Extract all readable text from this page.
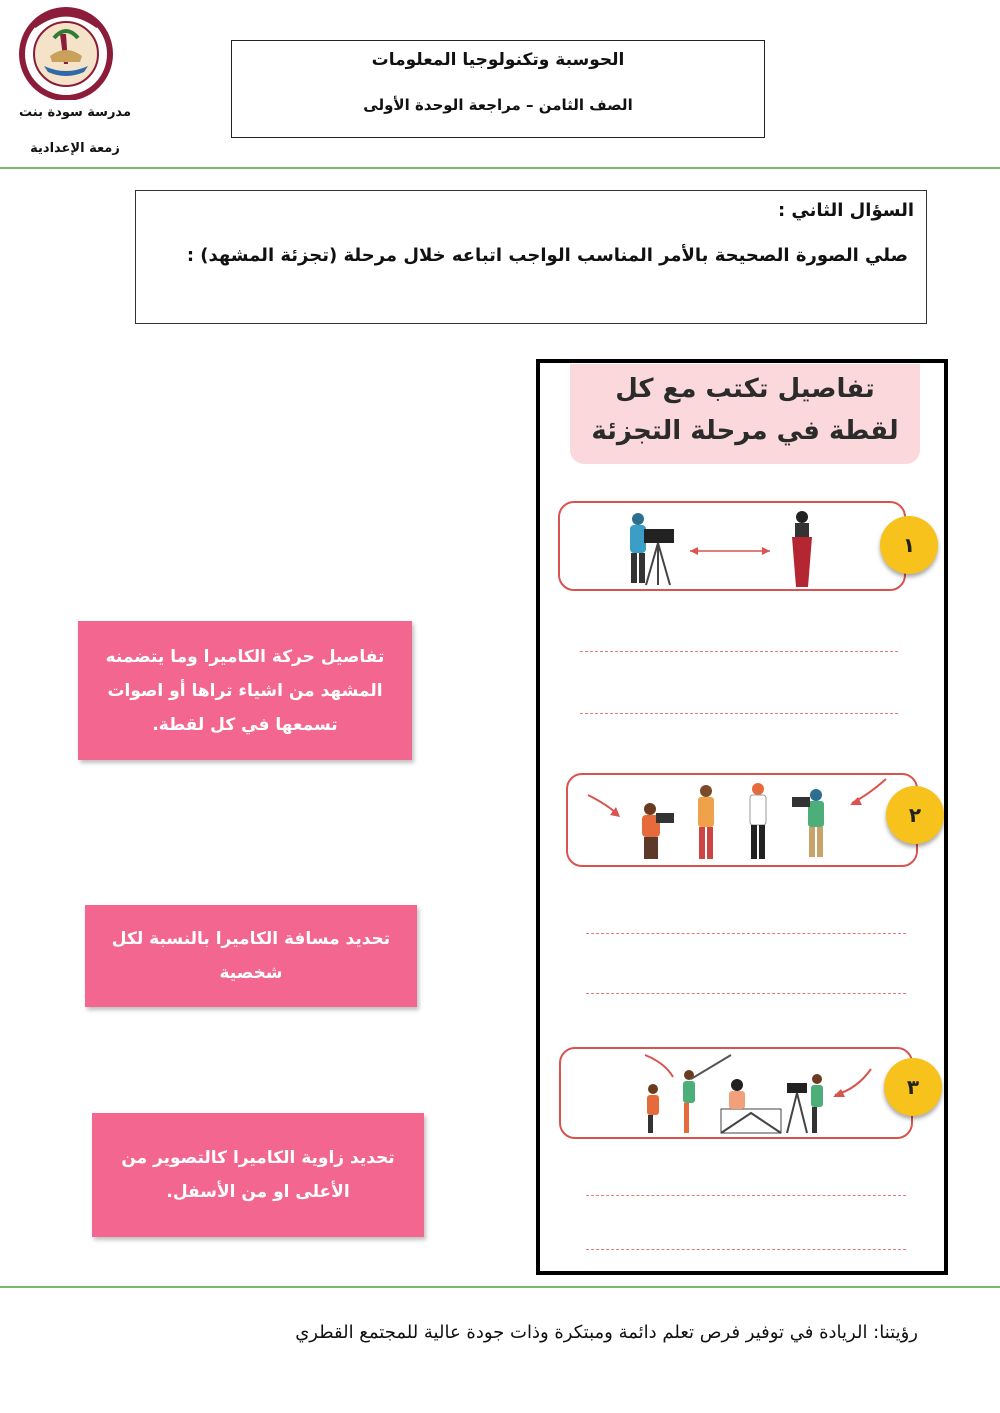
مدرسة سودة بنت
زمعة الإعدادية
الحوسبة وتكنولوجيا المعلومات
الصف الثامن – مراجعة الوحدة الأولى
السؤال الثاني :
صلي الصورة الصحيحة بالأمر المناسب الواجب اتباعه خلال مرحلة (تجزئة المشهد) :
تفاصيل تكتب مع كل
لقطة في مرحلة التجزئة
١
٢
٣
تفاصيل حركة الكاميرا وما يتضمنه المشهد من اشياء تراها أو اصوات تسمعها في كل لقطة.
تحديد مسافة الكاميرا بالنسبة لكل شخصية
تحديد زاوية الكاميرا كالتصوير من الأعلى او من الأسفل.
رؤيتنا: الريادة في توفير فرص تعلم دائمة ومبتكرة وذات جودة عالية للمجتمع القطري
